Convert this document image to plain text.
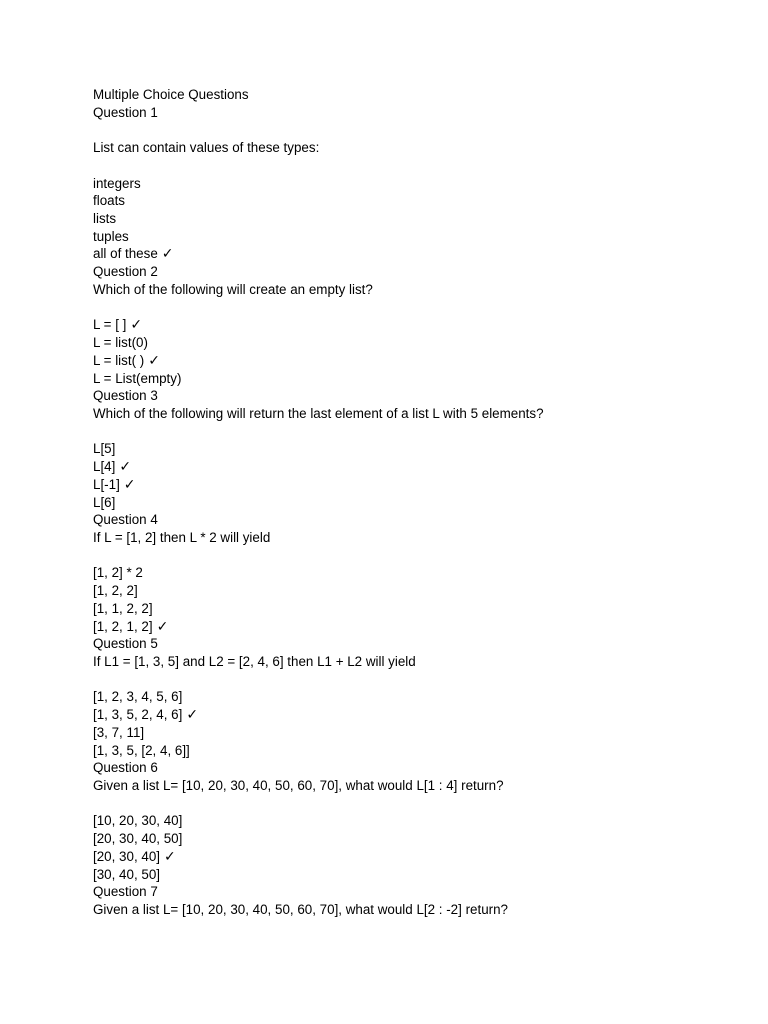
Multiple Choice Questions
Question 1
List can contain values of these types:
integers
floats
lists
tuples
all of these ✓
Question 2
Which of the following will create an empty list?
L = [ ] ✓
L = list(0)
L = list( ) ✓
L = List(empty)
Question 3
Which of the following will return the last element of a list L with 5 elements?
L[5]
L[4] ✓
L[-1] ✓
L[6]
Question 4
If L = [1, 2] then L * 2 will yield
[1, 2] * 2
[1, 2, 2]
[1, 1, 2, 2]
[1, 2, 1, 2] ✓
Question 5
If L1 = [1, 3, 5] and L2 = [2, 4, 6] then L1 + L2 will yield
[1, 2, 3, 4, 5, 6]
[1, 3, 5, 2, 4, 6] ✓
[3, 7, 11]
[1, 3, 5, [2, 4, 6]]
Question 6
Given a list L= [10, 20, 30, 40, 50, 60, 70], what would L[1 : 4] return?
[10, 20, 30, 40]
[20, 30, 40, 50]
[20, 30, 40] ✓
[30, 40, 50]
Question 7
Given a list L= [10, 20, 30, 40, 50, 60, 70], what would L[2 : -2] return?
